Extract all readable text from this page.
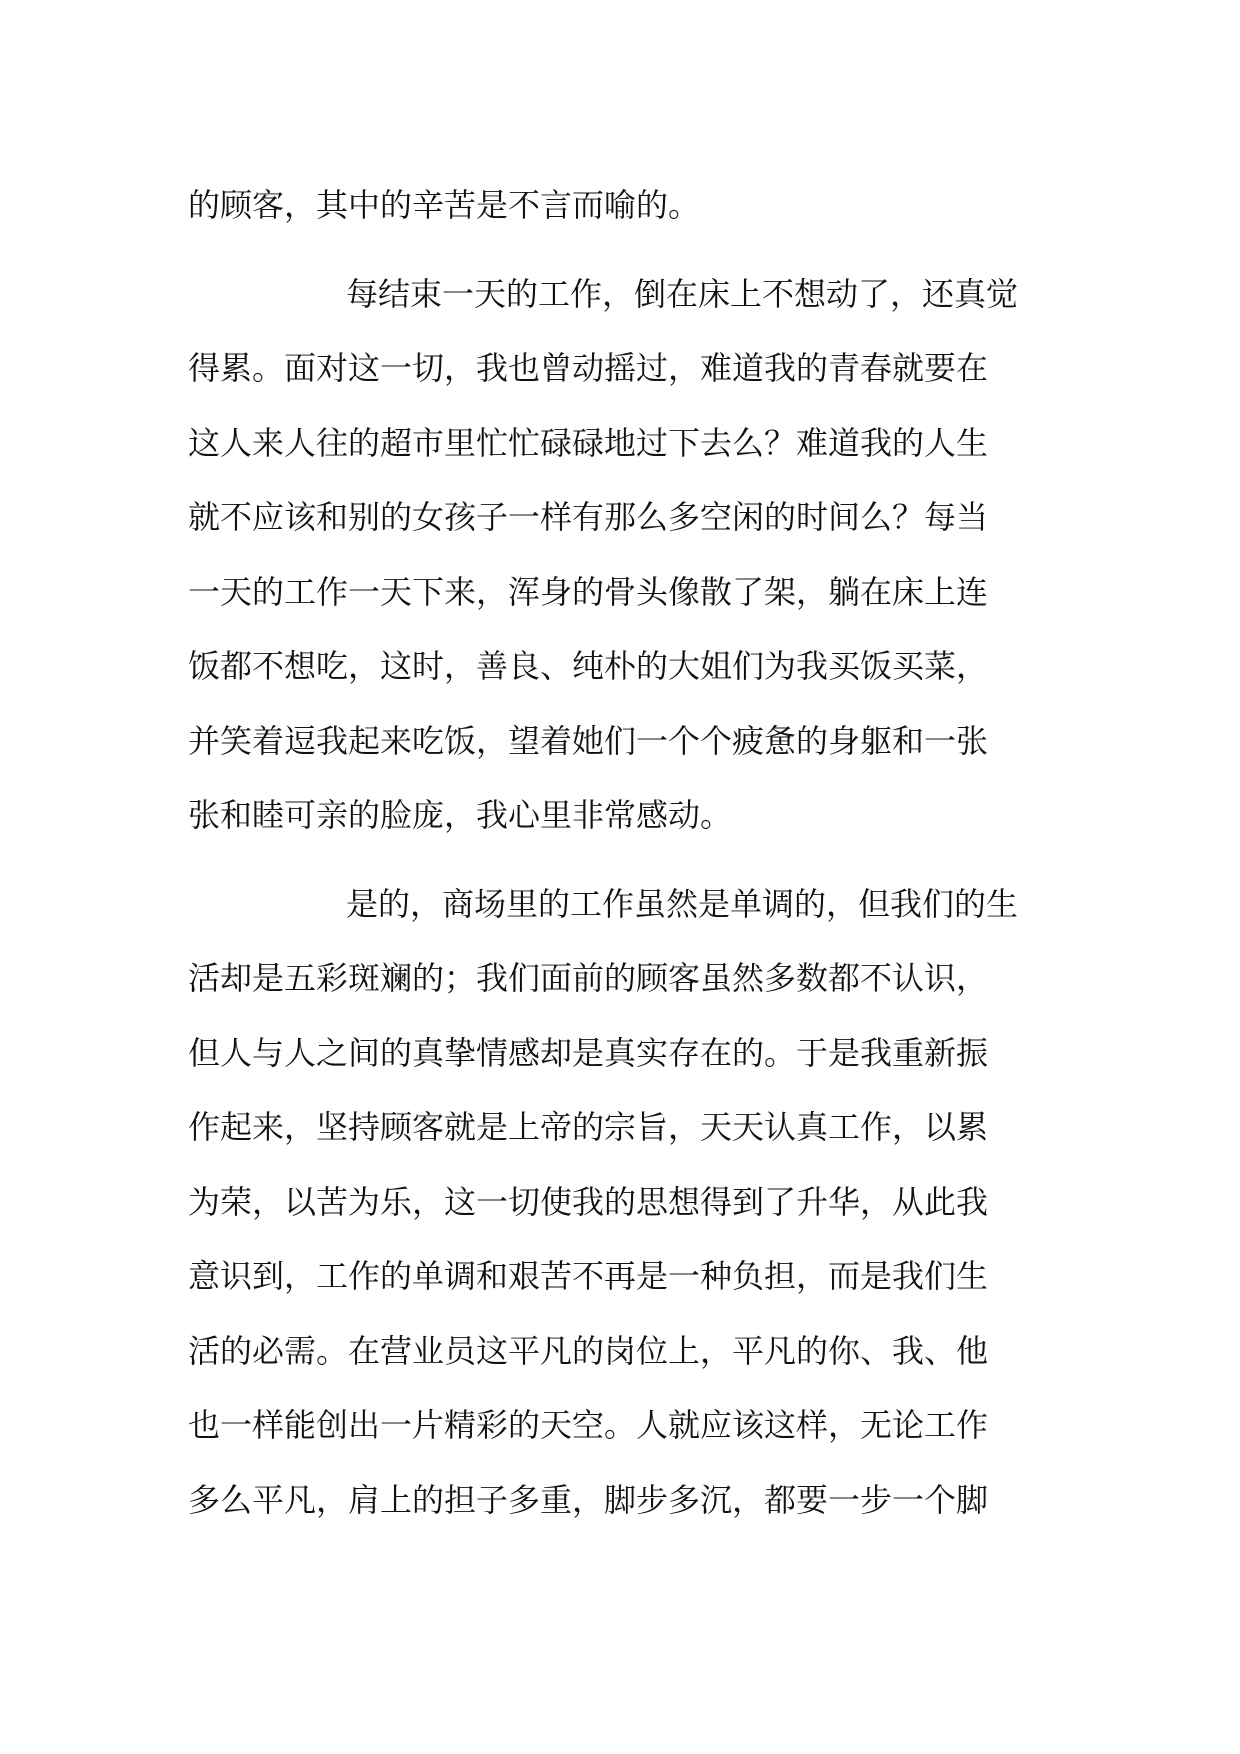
的顾客，其中的辛苦是不言而喻的。
每结束一天的工作，倒在床上不想动了，还真觉
得累。面对这一切，我也曾动摇过，难道我的青春就要在
这人来人往的超市里忙忙碌碌地过下去么？难道我的人生
就不应该和别的女孩子一样有那么多空闲的时间么？每当
一天的工作一天下来，浑身的骨头像散了架，躺在床上连
饭都不想吃，这时，善良、纯朴的大姐们为我买饭买菜，
并笑着逗我起来吃饭，望着她们一个个疲惫的身躯和一张
张和睦可亲的脸庞，我心里非常感动。
是的，商场里的工作虽然是单调的，但我们的生
活却是五彩斑斓的；我们面前的顾客虽然多数都不认识，
但人与人之间的真挚情感却是真实存在的。于是我重新振
作起来，坚持顾客就是上帝的宗旨，天天认真工作，以累
为荣，以苦为乐，这一切使我的思想得到了升华，从此我
意识到，工作的单调和艰苦不再是一种负担，而是我们生
活的必需。在营业员这平凡的岗位上，平凡的你、我、他
也一样能创出一片精彩的天空。人就应该这样，无论工作
多么平凡，肩上的担子多重，脚步多沉，都要一步一个脚
